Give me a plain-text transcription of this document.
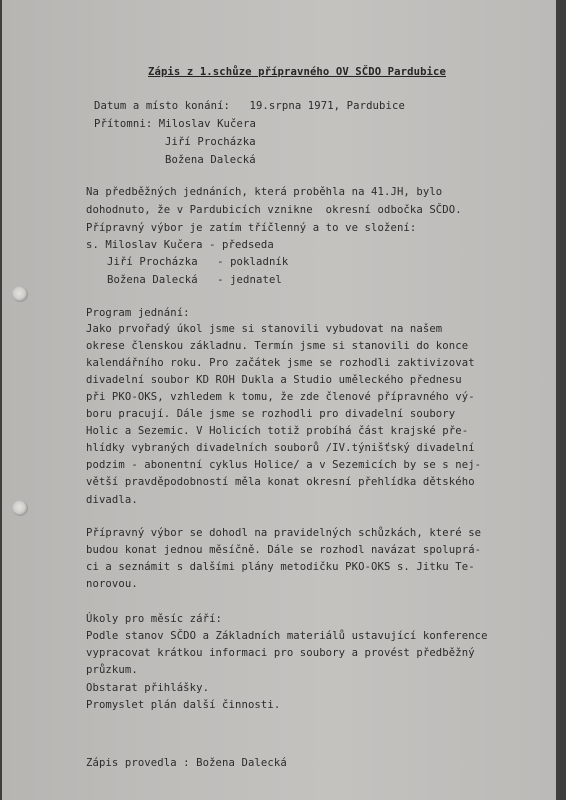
Zápis z 1.schůze přípravného OV SČDO Pardubice

Datum a místo konání:   19.srpna 1971, Pardubice

Přítomni: Miloslav Kučera

Jiří Procházka

Božena Dalecká

Na předběžných jednáních, která proběhla na 41.JH, bylo

dohodnuto, že v Pardubicích vznikne  okresní odbočka SČDO.

Přípravný výbor je zatím tříčlenný a to ve složení:

s. Miloslav Kučera - předseda

Jiří Procházka   - pokladník

Božena Dalecká   - jednatel

Program jednání:

Jako prvořadý úkol jsme si stanovili vybudovat na našem

okrese členskou základnu. Termín jsme si stanovili do konce

kalendářního roku. Pro začátek jsme se rozhodli zaktivizovat

divadelní soubor KD ROH Dukla a Studio uměleckého přednesu

při PKO-OKS, vzhledem k tomu, že zde členové přípravného vý-

boru pracují. Dále jsme se rozhodli pro divadelní soubory

Holic a Sezemic. V Holicích totiž probíhá část krajské pře-

hlídky vybraných divadelních souborů /IV.týnišťský divadelní

podzim - abonentní cyklus Holice/ a v Sezemicích by se s nej-

větší pravděpodobností měla konat okresní přehlídka dětského

divadla.

Přípravný výbor se dohodl na pravidelných schůzkách, které se

budou konat jednou měsíčně. Dále se rozhodl navázat spoluprá-

ci a seznámit s dalšími plány metodičku PKO-OKS s. Jitku Te-

norovou.

Úkoly pro měsíc září:

Podle stanov SČDO a Základních materiálů ustavující konference

vypracovat krátkou informaci pro soubory a provést předběžný

průzkum.

Obstarat přihlášky.

Promyslet plán další činnosti.

Zápis provedla : Božena Dalecká
